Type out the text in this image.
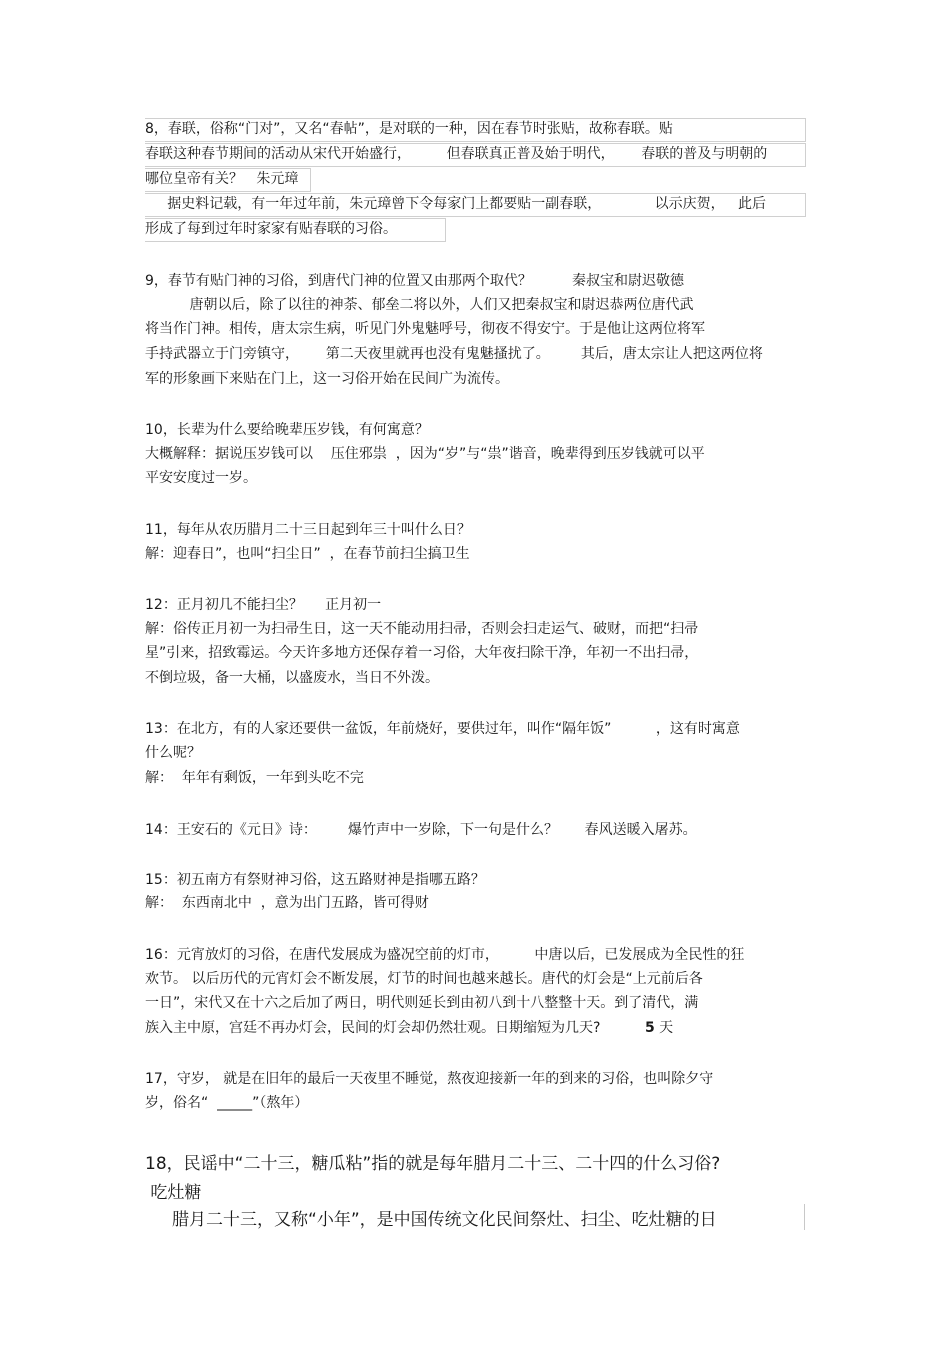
8，春联，俗称“门对”，又名“春帖”，是对联的一种，因在春节时张贴，故称春联。贴
春联这种春节期间的活动从宋代开始盛行，        但春联真正普及始于明代，      春联的普及与明朝的
哪位皇帝有关？   朱元璋
据史料记载，有一年过年前，朱元璋曾下令每家门上都要贴一副春联，            以示庆贺，   此后
形成了每到过年时家家有贴春联的习俗。
9，春节有贴门神的习俗，到唐代门神的位置又由那两个取代？         秦叔宝和尉迟敬德
唐朝以后，除了以往的神荼、郁垒二将以外，人们又把秦叔宝和尉迟恭两位唐代武
将当作门神。相传，唐太宗生病，听见门外鬼魅呼号，彻夜不得安宁。于是他让这两位将军
手持武器立于门旁镇守，      第二天夜里就再也没有鬼魅搔扰了。       其后，唐太宗让人把这两位将
军的形象画下来贴在门上，这一习俗开始在民间广为流传。
10，长辈为什么要给晚辈压岁钱，有何寓意？
大概解释：据说压岁钱可以    压住邪祟  ，因为“岁”与“祟”谐音，晚辈得到压岁钱就可以平
平安安度过一岁。
11，每年从农历腊月二十三日起到年三十叫什么日？
解：迎春日”，也叫“扫尘日”  ，在春节前扫尘搞卫生
12：正月初几不能扫尘？     正月初一
解：俗传正月初一为扫帚生日，这一天不能动用扫帚，否则会扫走运气、破财，而把“扫帚
星”引来，招致霉运。今天许多地方还保存着一习俗，大年夜扫除干净，年初一不出扫帚，
不倒垃圾，备一大桶，以盛废水，当日不外泼。
13：在北方，有的人家还要供一盆饭，年前烧好，要供过年，叫作“隔年饭”          ，这有时寓意
什么呢？
解：  年年有剩饭，一年到头吃不完
14：王安石的《元日》诗：       爆竹声中一岁除，下一句是什么？      春风送暖入屠苏。
15：初五南方有祭财神习俗，这五路财神是指哪五路？
解：  东西南北中  ，意为出门五路，皆可得财
16：元宵放灯的习俗，在唐代发展成为盛况空前的灯市，        中唐以后，已发展成为全民性的狂
欢节。 以后历代的元宵灯会不断发展，灯节的时间也越来越长。唐代的灯会是“上元前后各
一日”，宋代又在十六之后加了两日，明代则延长到由初八到十八整整十天。到了清代，满
族入主中原，宫廷不再办灯会，民间的灯会却仍然壮观。日期缩短为几天?          5 天
17，守岁， 就是在旧年的最后一天夜里不睡觉，熬夜迎接新一年的到来的习俗，也叫除夕守
岁，俗名“  _____”（熬年）
18，民谣中“二十三，糖瓜粘”指的就是每年腊月二十三、二十四的什么习俗?
吃灶糖
腊月二十三，又称“小年”，是中国传统文化民间祭灶、扫尘、吃灶糖的日
